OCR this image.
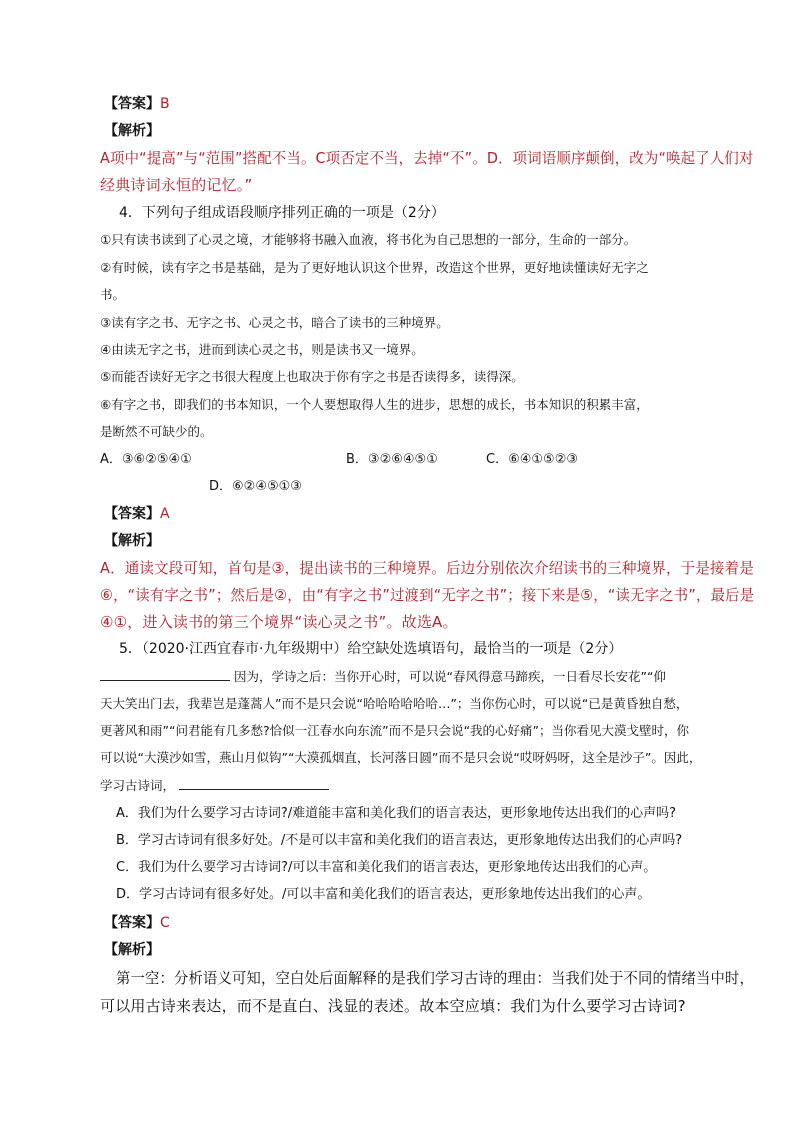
【答案】B
【解析】
A项中“提高”与“范围”搭配不当。C项否定不当，去掉“不”。D．项词语顺序颠倒，改为“唤起了人们对
经典诗词永恒的记忆。”
4．下列句子组成语段顺序排列正确的一项是（2分）
①只有读书读到了心灵之境，才能够将书融入血液，将书化为自己思想的一部分，生命的一部分。
②有时候，读有字之书是基础，是为了更好地认识这个世界，改造这个世界，更好地读懂读好无字之
书。
③读有字之书、无字之书、心灵之书，暗合了读书的三种境界。
④由读无字之书，进而到读心灵之书，则是读书又一境界。
⑤而能否读好无字之书很大程度上也取决于你有字之书是否读得多，读得深。
⑥有字之书，即我们的书本知识，一个人要想取得人生的进步，思想的成长，书本知识的积累丰富，
是断然不可缺少的。
A．③⑥②⑤④①	B．③②⑥④⑤①	C．⑥④①⑤②③
D．⑥②④⑤①③
【答案】A
【解析】
A．通读文段可知，首句是③，提出读书的三种境界。后边分别依次介绍读书的三种境界，于是接着是
⑥，“读有字之书”；然后是②，由“有字之书”过渡到“无字之书”；接下来是⑤，“读无字之书”，最后是
④①，进入读书的第三个境界“读心灵之书”。故选A。
5．（2020·江西宜春市·九年级期中）给空缺处选填语句，最恰当的一项是（2分）
因为，学诗之后：当你开心时，可以说“春风得意马蹄疾，一日看尽长安花”“仰
天大笑出门去，我辈岂是蓬蒿人”而不是只会说“哈哈哈哈哈哈…”；当你伤心时，可以说“已是黄昏独自愁，
更著风和雨”“问君能有几多愁?恰似一江春水向东流”而不是只会说“我的心好痛”；当你看见大漠戈壁时，你
可以说“大漠沙如雪，燕山月似钩”“大漠孤烟直，长河落日圆”而不是只会说“哎呀妈呀，这全是沙子”。因此，
学习古诗词，
A．我们为什么要学习古诗词?/难道能丰富和美化我们的语言表达，更形象地传达出我们的心声吗?
B．学习古诗词有很多好处。/不是可以丰富和美化我们的语言表达，更形象地传达出我们的心声吗?
C．我们为什么要学习古诗词?/可以丰富和美化我们的语言表达，更形象地传达出我们的心声。
D．学习古诗词有很多好处。/可以丰富和美化我们的语言表达，更形象地传达出我们的心声。
【答案】C
【解析】
第一空：分析语义可知，空白处后面解释的是我们学习古诗的理由：当我们处于不同的情绪当中时，
可以用古诗来表达，而不是直白、浅显的表述。故本空应填：我们为什么要学习古诗词?
